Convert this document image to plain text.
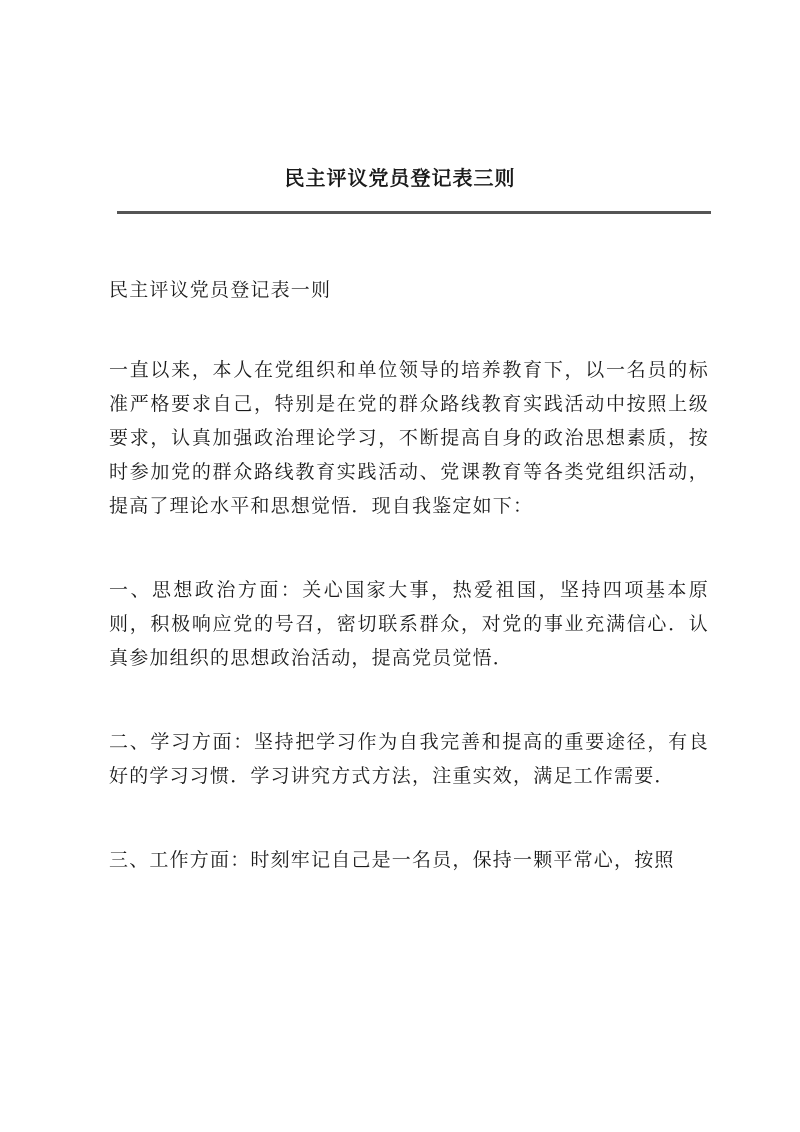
民主评议党员登记表三则

民主评议党员登记表一则

一直以来，本人在党组织和单位领导的培养教育下，以一名员的标准严格要求自己，特别是在党的群众路线教育实践活动中按照上级要求，认真加强政治理论学习，不断提高自身的政治思想素质，按时参加党的群众路线教育实践活动、党课教育等各类党组织活动，提高了理论水平和思想觉悟．现自我鉴定如下：

一、思想政治方面：关心国家大事，热爱祖国，坚持四项基本原则，积极响应党的号召，密切联系群众，对党的事业充满信心．认真参加组织的思想政治活动，提高党员觉悟．

二、学习方面：坚持把学习作为自我完善和提高的重要途径，有良好的学习习惯．学习讲究方式方法，注重实效，满足工作需要．

三、工作方面：时刻牢记自己是一名员，保持一颗平常心，按照
